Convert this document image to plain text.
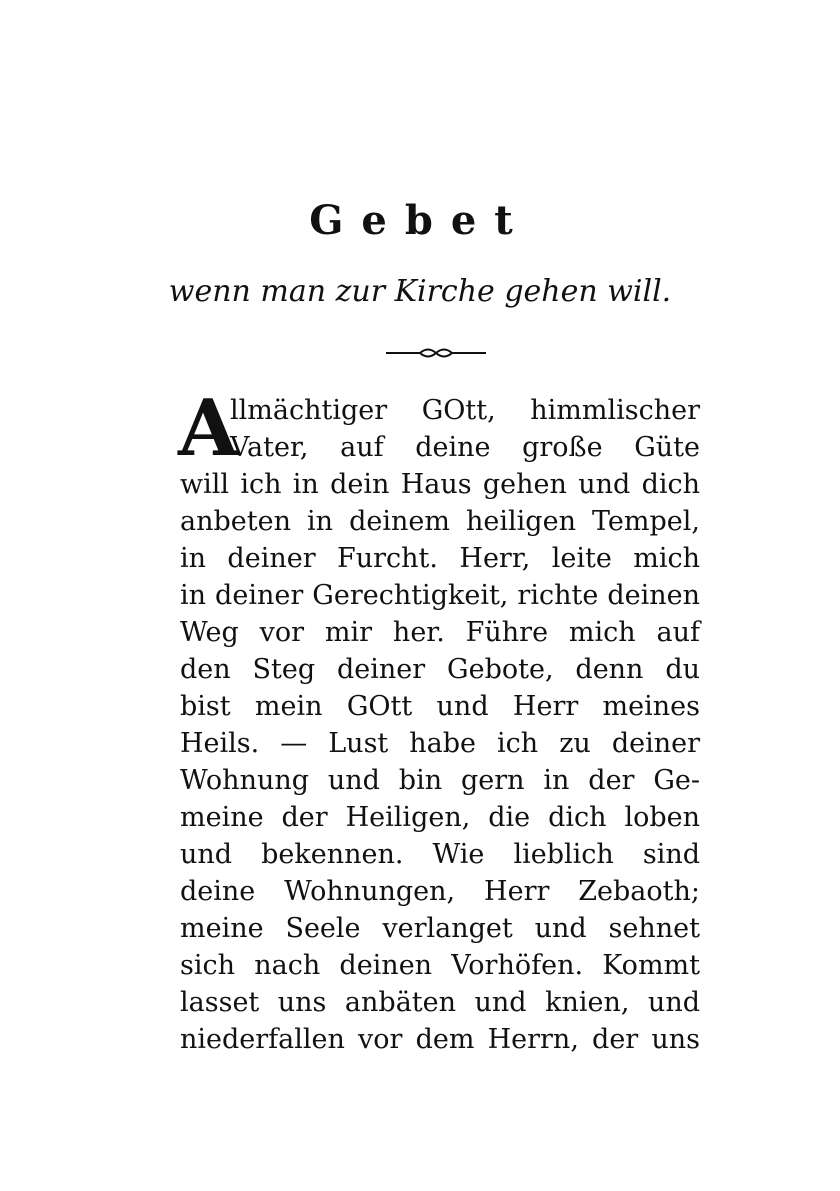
Gebet
wenn man zur Kirche gehen will.
A
llmächtiger GOtt, himmlischer
Vater, auf deine große Güte
will ich in dein Haus gehen und dich
anbeten in deinem heiligen Tempel,
in deiner Furcht. Herr, leite mich
in deiner Gerechtigkeit, richte deinen
Weg vor mir her. Führe mich auf
den Steg deiner Gebote, denn du
bist mein GOtt und Herr meines
Heils. — Lust habe ich zu deiner
Wohnung und bin gern in der Ge-
meine der Heiligen, die dich loben
und bekennen. Wie lieblich sind
deine Wohnungen, Herr Zebaoth;
meine Seele verlanget und sehnet
sich nach deinen Vorhöfen. Kommt
lasset uns anbäten und knien, und
niederfallen vor dem Herrn, der uns
